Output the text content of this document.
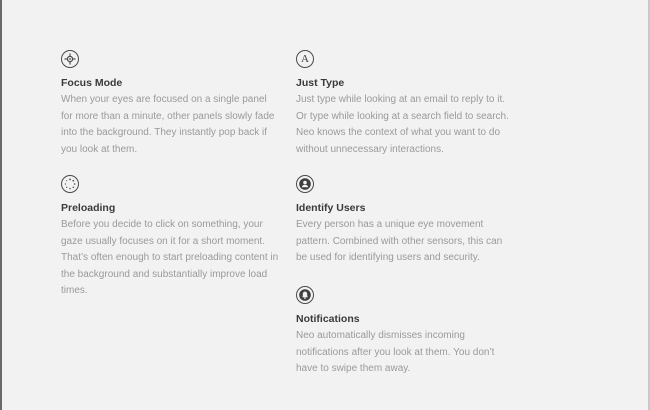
Focus Mode

When your eyes are focused on a single panel for more than a minute, other panels slowly fade into the background. They instantly pop back if you look at them.

A
Just Type

Just type while looking at an email to reply to it. Or type while looking at a search field to search. Neo knows the context of what you want to do without unnecessary interactions.

Preloading

Before you decide to click on something, your gaze usually focuses on it for a short moment. That’s often enough to start preloading content in the background and substantially improve load times.

Identify Users

Every person has a unique eye movement pattern. Combined with other sensors, this can be used for identifying users and security.

Notifications

Neo automatically dismisses incoming notifications after you look at them. You don’t have to swipe them away.
